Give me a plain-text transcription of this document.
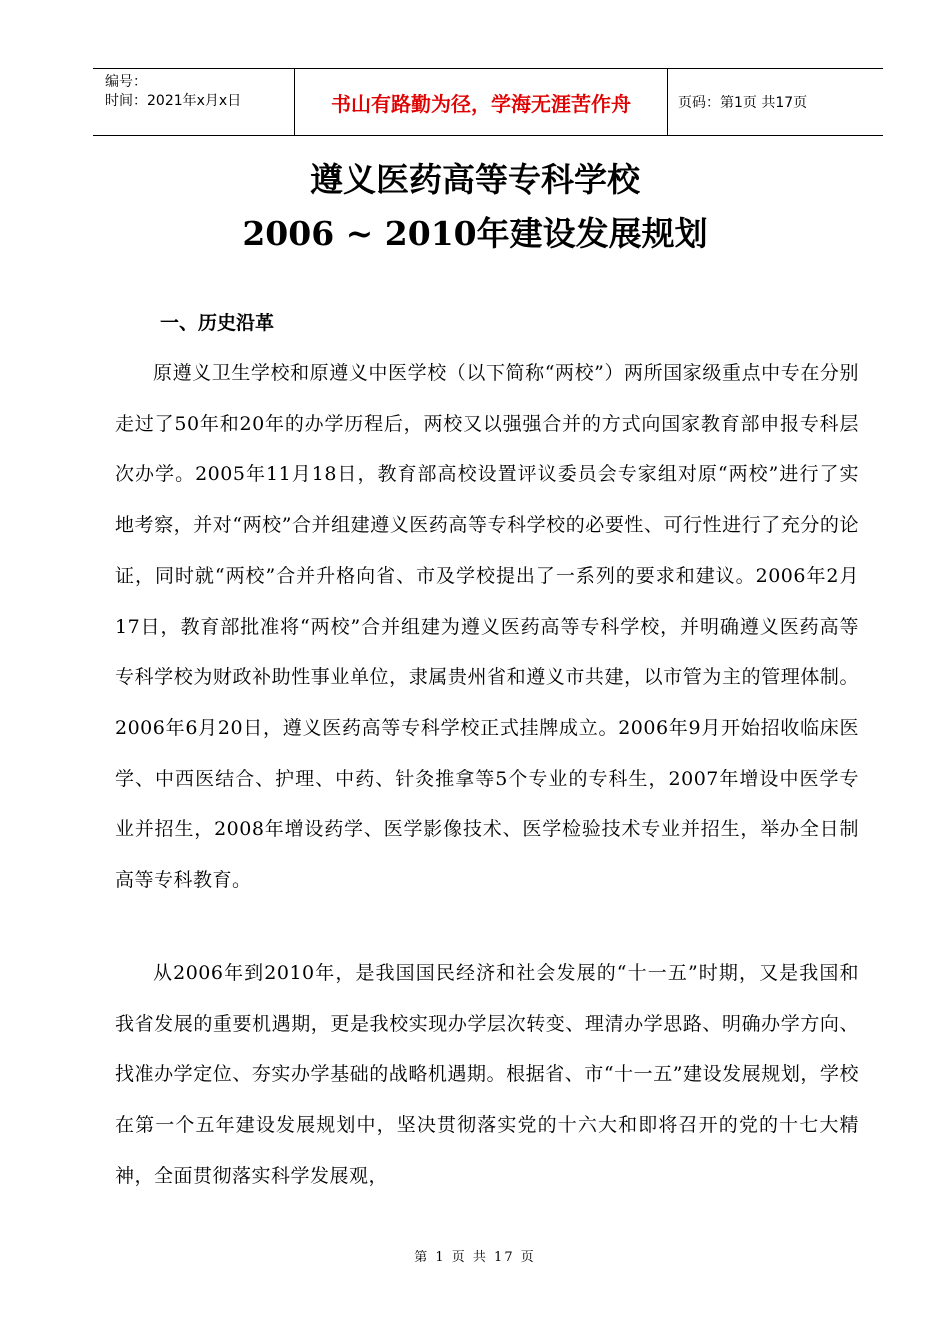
编号：
时间：2021年x月x日	书山有路勤为径，学海无涯苦作舟	页码：第1页 共17页
遵义医药高等专科学校
2006 ~ 2010年建设发展规划
一、历史沿革
原遵义卫生学校和原遵义中医学校（以下简称“两校”）两所国家级重点中专在分别走过了50年和20年的办学历程后，两校又以强强合并的方式向国家教育部申报专科层次办学。2005年11月18日，教育部高校设置评议委员会专家组对原“两校”进行了实地考察，并对“两校”合并组建遵义医药高等专科学校的必要性、可行性进行了充分的论证，同时就“两校”合并升格向省、市及学校提出了一系列的要求和建议。2006年2月17日，教育部批准将“两校”合并组建为遵义医药高等专科学校，并明确遵义医药高等专科学校为财政补助性事业单位，隶属贵州省和遵义市共建，以市管为主的管理体制。2006年6月20日，遵义医药高等专科学校正式挂牌成立。2006年9月开始招收临床医学、中西医结合、护理、中药、针灸推拿等5个专业的专科生，2007年增设中医学专业并招生，2008年增设药学、医学影像技术、医学检验技术专业并招生，举办全日制高等专科教育。
从2006年到2010年，是我国国民经济和社会发展的“十一五”时期，又是我国和我省发展的重要机遇期，更是我校实现办学层次转变、理清办学思路、明确办学方向、找准办学定位、夯实办学基础的战略机遇期。根据省、市“十一五”建设发展规划，学校在第一个五年建设发展规划中，坚决贯彻落实党的十六大和即将召开的党的十七大精神，全面贯彻落实科学发展观，
第 1 页 共 17 页
